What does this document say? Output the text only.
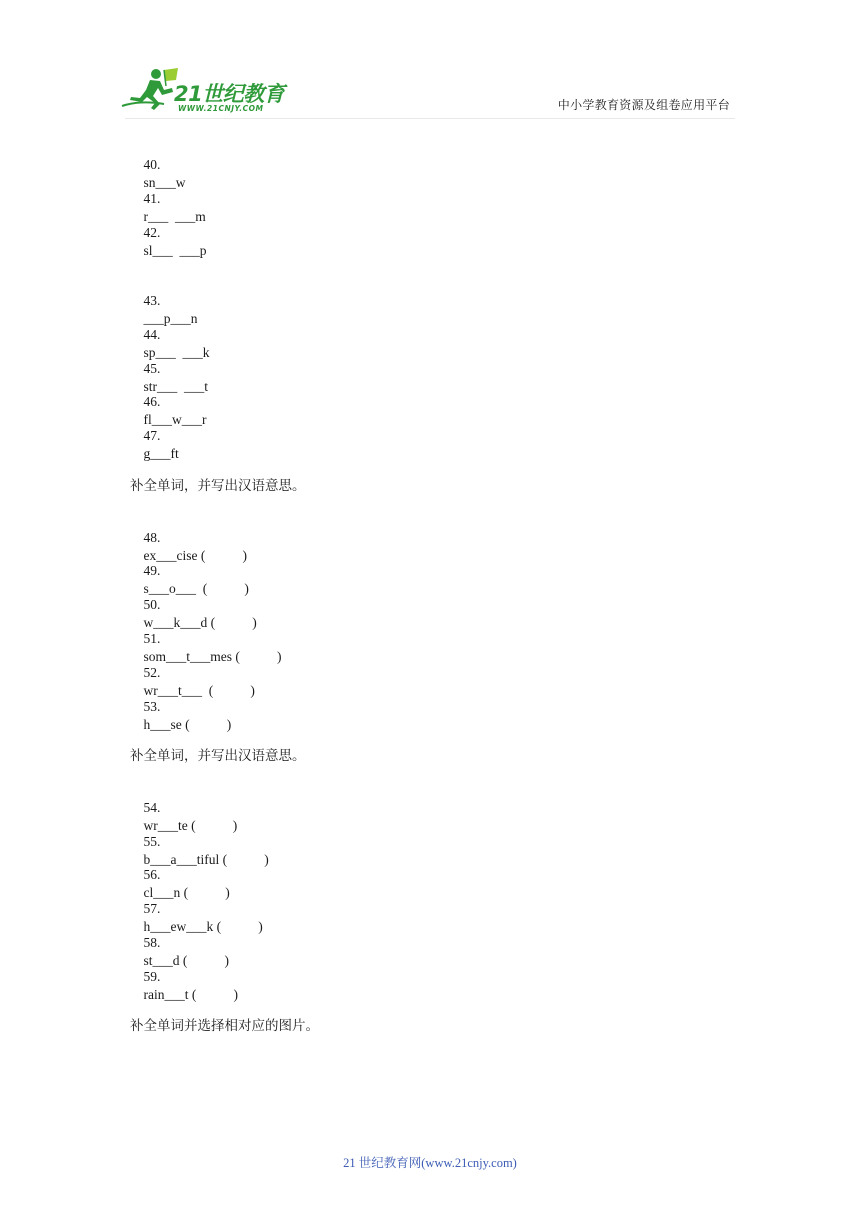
21世纪教育
WWW.21CNJY.COM	中小学教育资源及组卷应用平台

40.
sn___w

41.
r___  ___m

42.
sl___  ___p

43.
___p___n

44.
sp___  ___k

45.
str___  ___t

46.
fl___w___r

47.
g___ft

补全单词，并写出汉语意思。

48.
ex___cise (           )

49.
s___o___  (           )

50.
w___k___d (           )

51.
som___t___mes (           )

52.
wr___t___  (           )

53.
h___se (           )

补全单词，并写出汉语意思。

54.
wr___te (           )

55.
b___a___tiful (           )

56.
cl___n (           )

57.
h___ew___k (           )

58.
st___d (           )

59.
rain___t (           )

补全单词并选择相对应的图片。
21 世纪教育网(www.21cnjy.com)
